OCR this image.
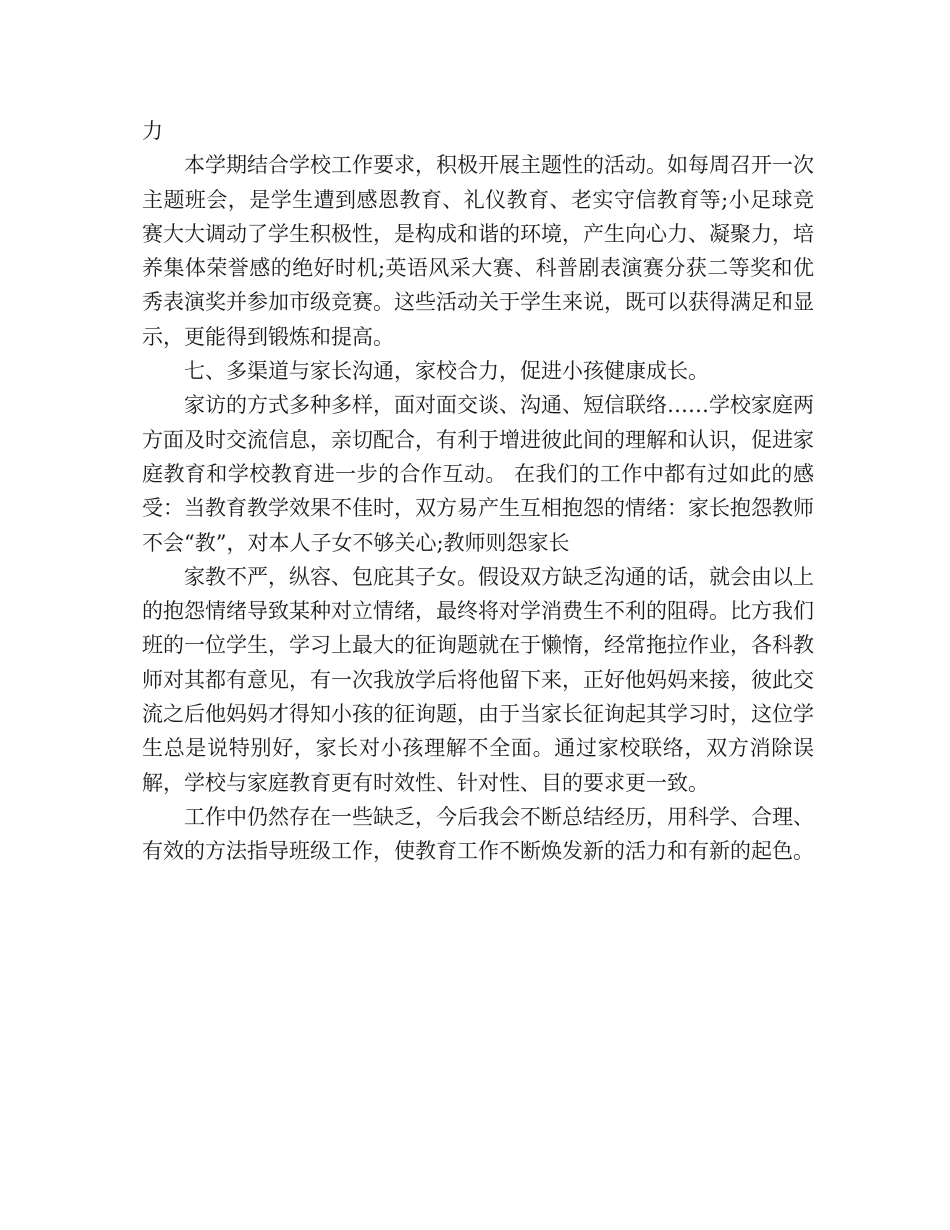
力

本学期结合学校工作要求，积极开展主题性的活动。如每周召开一次主题班会，是学生遭到感恩教育、礼仪教育、老实守信教育等;小足球竞赛大大调动了学生积极性，是构成和谐的环境，产生向心力、凝聚力，培养集体荣誉感的绝好时机;英语风采大赛、科普剧表演赛分获二等奖和优秀表演奖并参加市级竞赛。这些活动关于学生来说，既可以获得满足和显示，更能得到锻炼和提高。

七、多渠道与家长沟通，家校合力，促进小孩健康成长。

家访的方式多种多样，面对面交谈、沟通、短信联络……学校家庭两方面及时交流信息，亲切配合，有利于增进彼此间的理解和认识，促进家庭教育和学校教育进一步的合作互动。 在我们的工作中都有过如此的感受：当教育教学效果不佳时，双方易产生互相抱怨的情绪：家长抱怨教师不会“教”，对本人子女不够关心;教师则怨家长

家教不严，纵容、包庇其子女。假设双方缺乏沟通的话，就会由以上的抱怨情绪导致某种对立情绪，最终将对学消费生不利的阻碍。比方我们班的一位学生，学习上最大的征询题就在于懒惰，经常拖拉作业，各科教师对其都有意见，有一次我放学后将他留下来，正好他妈妈来接，彼此交流之后他妈妈才得知小孩的征询题，由于当家长征询起其学习时，这位学生总是说特别好，家长对小孩理解不全面。通过家校联络，双方消除误解，学校与家庭教育更有时效性、针对性、目的要求更一致。

工作中仍然存在一些缺乏，今后我会不断总结经历，用科学、合理、有效的方法指导班级工作，使教育工作不断焕发新的活力和有新的起色。
